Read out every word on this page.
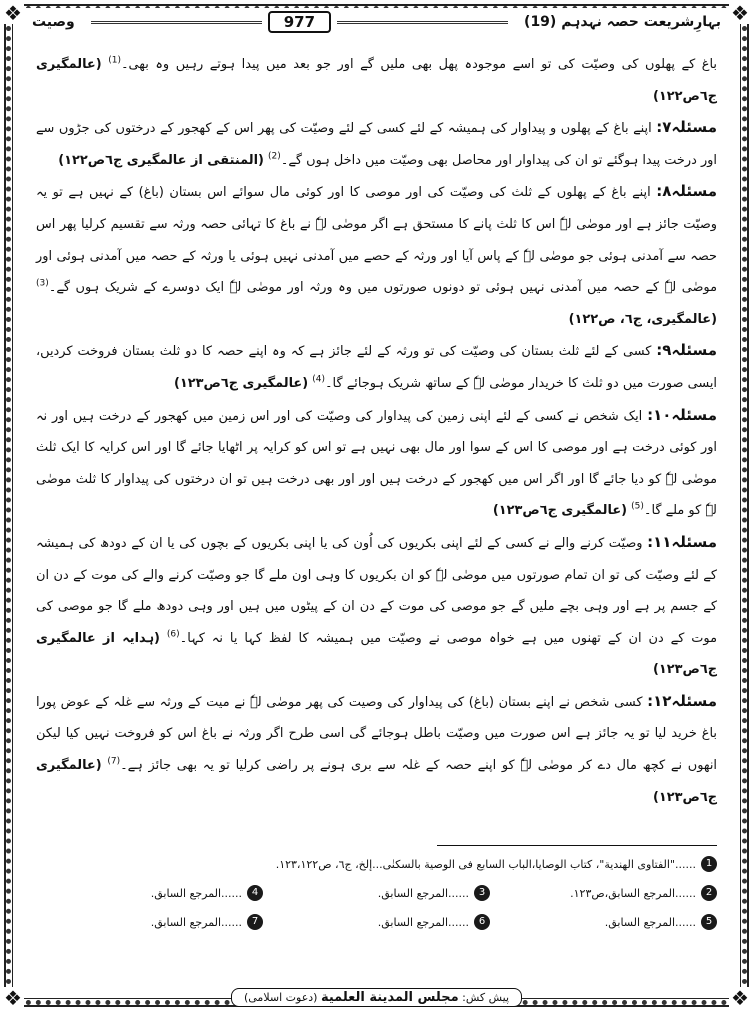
❖	❖
❖	❖
بہارِشریعت حصہ نہدہم (19)
977
وصیت

باغ کے پھلوں کی وصیّت کی تو اسے موجودہ پھل بھی ملیں گے اور جو بعد میں پیدا ہوتے رہیں وہ بھی۔$^{(1)}$ (عالمگیری ج٦ص١٢٢)

مسئلہ۷: اپنے باغ کے پھلوں و پیداوار کی ہمیشہ کے لئے کسی کے لئے وصیّت کی پھر اس کے کھجور کے درختوں کی جڑوں سے اور درخت پیدا ہوگئے تو ان کی پیداوار اور محاصل بھی وصیّت میں داخل ہوں گے۔$^{(2)}$ (المنتقی از عالمگیری ج٦ص١٢٢)

مسئلہ۸: اپنے باغ کے پھلوں کے ثلث کی وصیّت کی اور موصی کا اور کوئی مال سوائے اس بستان (باغ) کے نہیں ہے تو یہ وصیّت جائز ہے اور موصٰی لہٗ اس کا ثلث پانے کا مستحق ہے اگر موصٰی لہٗ نے باغ کا تہائی حصہ ورثہ سے تقسیم کرلیا پھر اس حصہ سے آمدنی ہوئی جو موصٰی لہٗ کے پاس آیا اور ورثہ کے حصے میں آمدنی نہیں ہوئی یا ورثہ کے حصہ میں آمدنی ہوئی اور موصٰی لہٗ کے حصہ میں آمدنی نہیں ہوئی تو دونوں صورتوں میں وہ ورثہ اور موصٰی لہٗ ایک دوسرے کے شریک ہوں گے۔$^{(3)}$ (عالمگیری، ج٦، ص١٢٢)

مسئلہ۹: کسی کے لئے ثلث بستان کی وصیّت کی تو ورثہ کے لئے جائز ہے کہ وہ اپنے حصہ کا دو ثلث بستان فروخت کردیں، ایسی صورت میں دو ثلث کا خریدار موصٰی لہٗ کے ساتھ شریک ہوجائے گا۔$^{(4)}$ (عالمگیری ج٦ص١٢٣)

مسئلہ۱۰: ایک شخص نے کسی کے لئے اپنی زمین کی پیداوار کی وصیّت کی اور اس زمین میں کھجور کے درخت ہیں اور نہ اور کوئی درخت ہے اور موصی کا اس کے سوا اور مال بھی نہیں ہے تو اس کو کرایہ پر اٹھایا جائے گا اور اس کرایہ کا ایک ثلث موصٰی لہٗ کو دیا جائے گا اور اگر اس میں کھجور کے درخت ہیں اور اور بھی درخت ہیں تو ان درختوں کی پیداوار کا ثلث موصٰی لہٗ کو ملے گا۔$^{(5)}$ (عالمگیری ج٦ص١٢٣)

مسئلہ۱۱: وصیّت کرنے والے نے کسی کے لئے اپنی بکریوں کی اُون کی یا اپنی بکریوں کے بچوں کی یا ان کے دودھ کی ہمیشہ کے لئے وصیّت کی تو ان تمام صورتوں میں موصٰی لہٗ کو ان بکریوں کا وہی اون ملے گا جو وصیّت کرنے والے کی موت کے دن ان کے جسم پر ہے اور وہی بچے ملیں گے جو موصی کی موت کے دن ان کے پیٹوں میں ہیں اور وہی دودھ ملے گا جو موصی کی موت کے دن ان کے تھنوں میں ہے خواہ موصی نے وصیّت میں ہمیشہ کا لفظ کہا یا نہ کہا۔$^{(6)}$ (ہدایہ از عالمگیری ج٦ص١٢٣)

مسئلہ۱۲: کسی شخص نے اپنے بستان (باغ) کی پیداوار کی وصیت کی پھر موصٰی لہٗ نے میت کے ورثہ سے غلہ کے عوض پورا باغ خرید لیا تو یہ جائز ہے اس صورت میں وصیّت باطل ہوجائے گی اسی طرح اگر ورثہ نے باغ اس کو فروخت نہیں کیا لیکن انھوں نے کچھ مال دے کر موصٰی لہٗ کو اپنے حصہ کے غلہ سے بری ہونے پر راضی کرلیا تو یہ بھی جائز ہے۔$^{(7)}$ (عالمگیری ج٦ص١٢٣)

1
......"الفتاوى الهندية"، كتاب الوصايا،الباب السابع فى الوصية بالسكنٰى...إلخ، ج٦، ص١٢٣،١٢٢.
2
......المرجع السابق،ص١٢٣.
3
......المرجع السابق.
4
......المرجع السابق.
5
......المرجع السابق.
6
......المرجع السابق.
7
......المرجع السابق.
پیش کش: مجلس المدينة العلمية (دعوت اسلامی)
